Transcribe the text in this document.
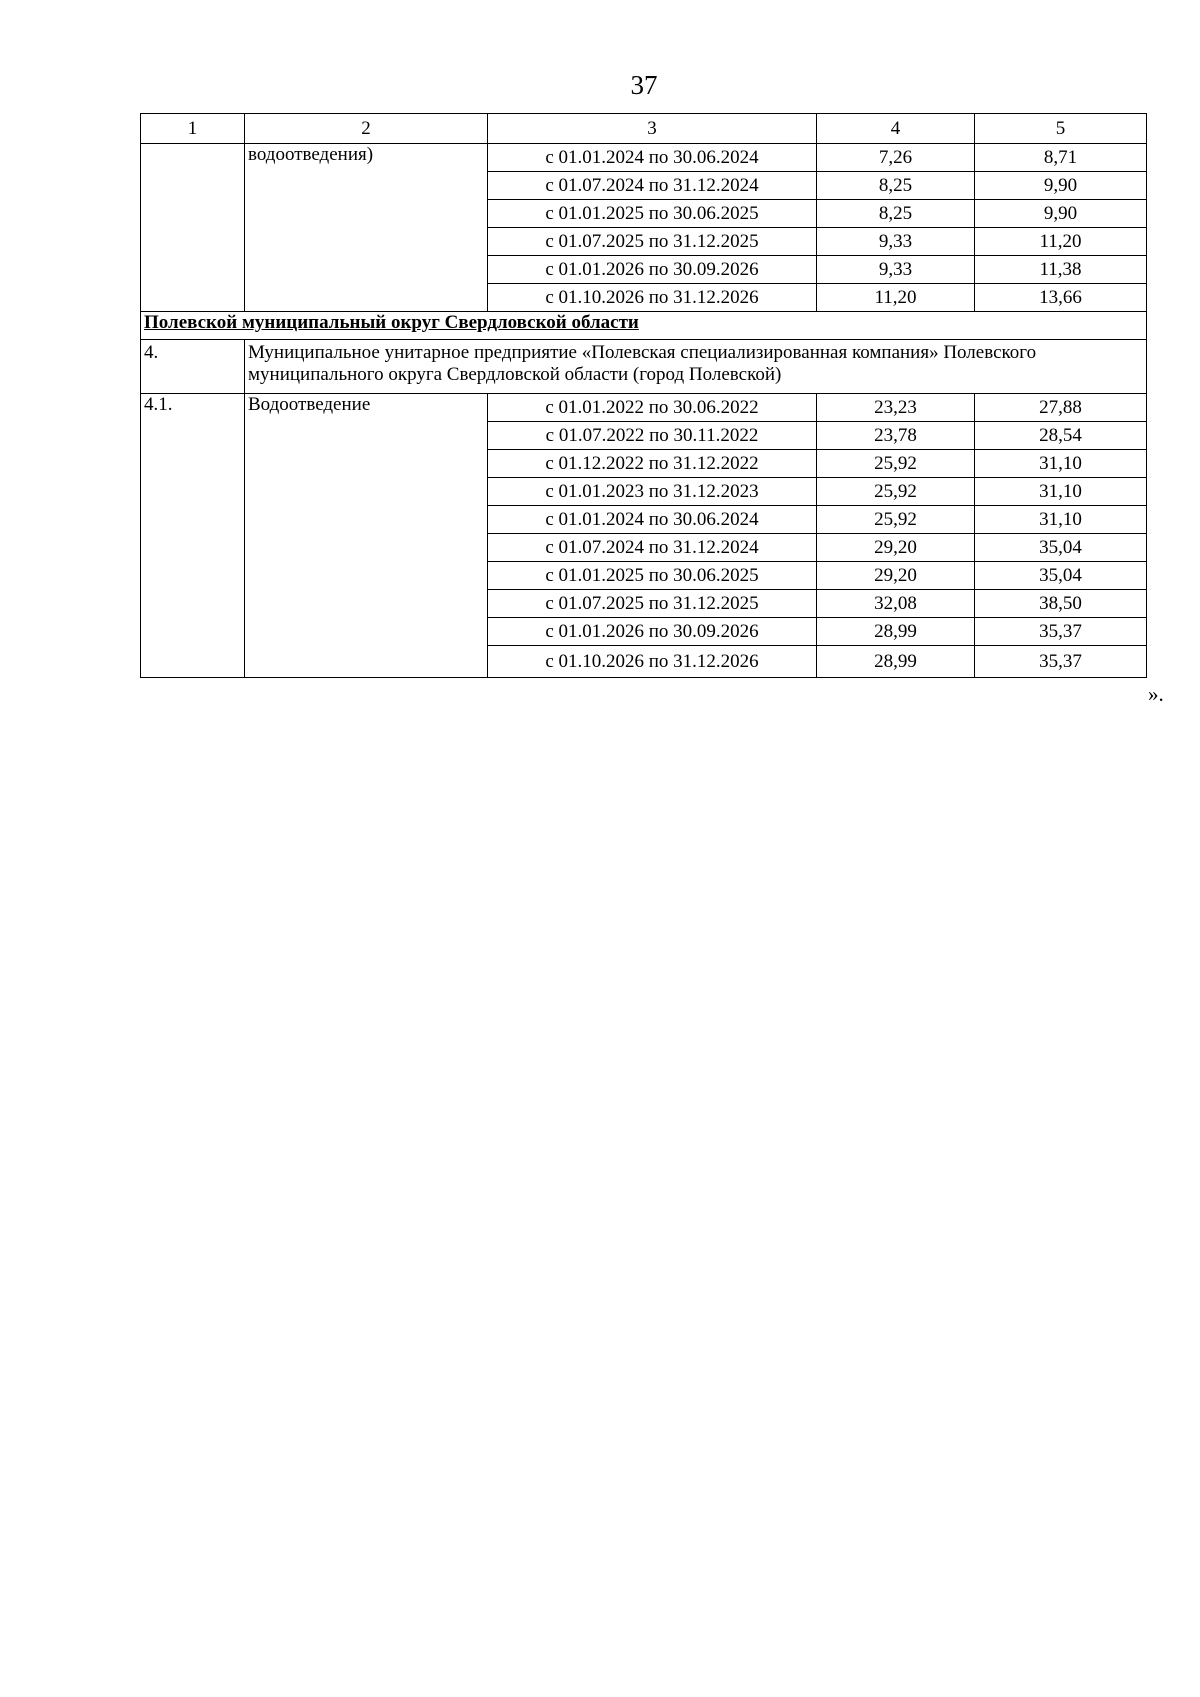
37
1	2	3	4	5
	водоотведения)	с 01.01.2024 по 30.06.2024	7,26	8,71
		с 01.07.2024 по 31.12.2024	8,25	9,90
		с 01.01.2025 по 30.06.2025	8,25	9,90
		с 01.07.2025 по 31.12.2025	9,33	11,20
		с 01.01.2026 по 30.09.2026	9,33	11,38
		с 01.10.2026 по 31.12.2026	11,20	13,66
Полевской муниципальный округ Свердловской области				
4.	Муниципальное унитарное предприятие «Полевская специализированная компания» Полевского муниципального округа Свердловской области (город Полевской)			
4.1.	Водоотведение	с 01.01.2022 по 30.06.2022	23,23	27,88
		с 01.07.2022 по 30.11.2022	23,78	28,54
		с 01.12.2022 по 31.12.2022	25,92	31,10
		с 01.01.2023 по 31.12.2023	25,92	31,10
		с 01.01.2024 по 30.06.2024	25,92	31,10
		с 01.07.2024 по 31.12.2024	29,20	35,04
		с 01.01.2025 по 30.06.2025	29,20	35,04
		с 01.07.2025 по 31.12.2025	32,08	38,50
		с 01.01.2026 по 30.09.2026	28,99	35,37
		с 01.10.2026 по 31.12.2026	28,99	35,37
».
